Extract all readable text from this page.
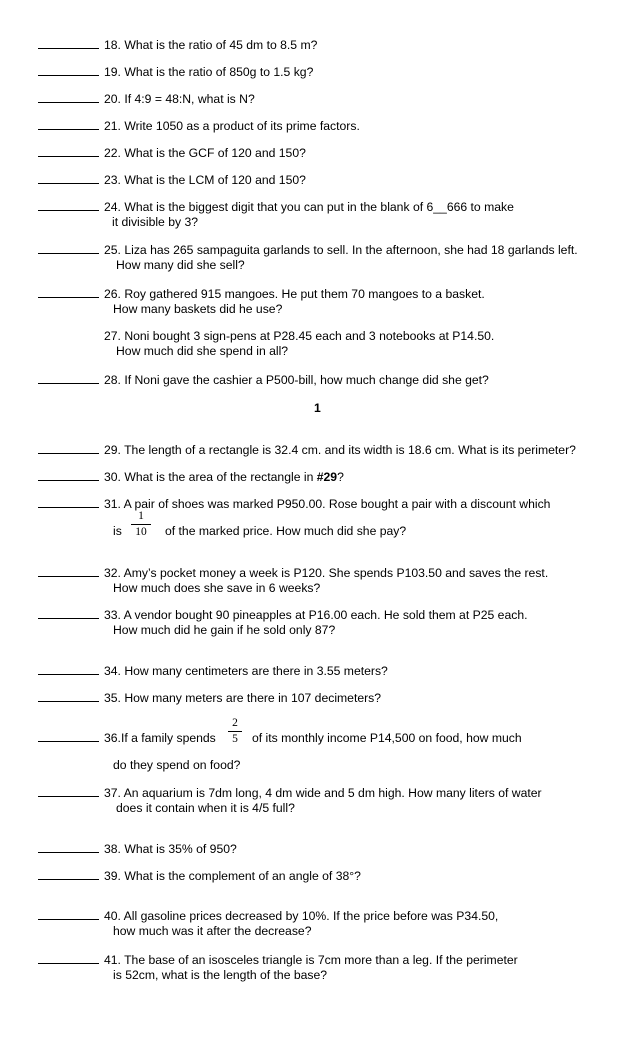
18. What is the ratio of 45 dm to 8.5 m?
19. What is the ratio of 850g to 1.5 kg?
20. If 4:9 = 48:N, what is N?
21. Write 1050 as a product of its prime factors.
22. What is the GCF of 120 and 150?
23. What is the LCM of 120 and 150?
24. What is the biggest digit that you can put in the blank of 6__666 to make
it divisible by 3?
25. Liza has 265 sampaguita garlands to sell. In the afternoon, she had 18 garlands left.
How many did she sell?
26. Roy gathered 915 mangoes. He put them 70 mangoes to a basket.
How many baskets did he use?
27. Noni bought 3 sign-pens at P28.45 each and 3 notebooks at P14.50.
How much did she spend in all?
28. If Noni gave the cashier a P500-bill, how much change did she get?
1
29. The length of a rectangle is 32.4 cm. and its width is 18.6 cm. What is its perimeter?
30. What is the area of the rectangle in #29?
31. A pair of shoes was marked P950.00. Rose bought a pair with a discount which
is
1
10	of the marked price. How much did she pay?
32. Amy’s pocket money a week is P120. She spends P103.50 and saves the rest.
How much does she save in 6 weeks?
33. A vendor bought 90 pineapples at P16.00 each. He sold them at P25 each.
How much did he gain if he sold only 87?
34. How many centimeters are there in 3.55 meters?
35. How many meters are there in 107 decimeters?
36.If a family spends
2
5	of its monthly income P14,500 on food, how much
do they spend on food?
37. An aquarium is 7dm long, 4 dm wide and 5 dm high. How many liters of water
does it contain when it is 4/5 full?
38. What is 35% of 950?
39. What is the complement of an angle of 38°?
40. All gasoline prices decreased by 10%. If the price before was P34.50,
how much was it after the decrease?
41. The base of an isosceles triangle is 7cm more than a leg. If the perimeter
is 52cm, what is the length of the base?
